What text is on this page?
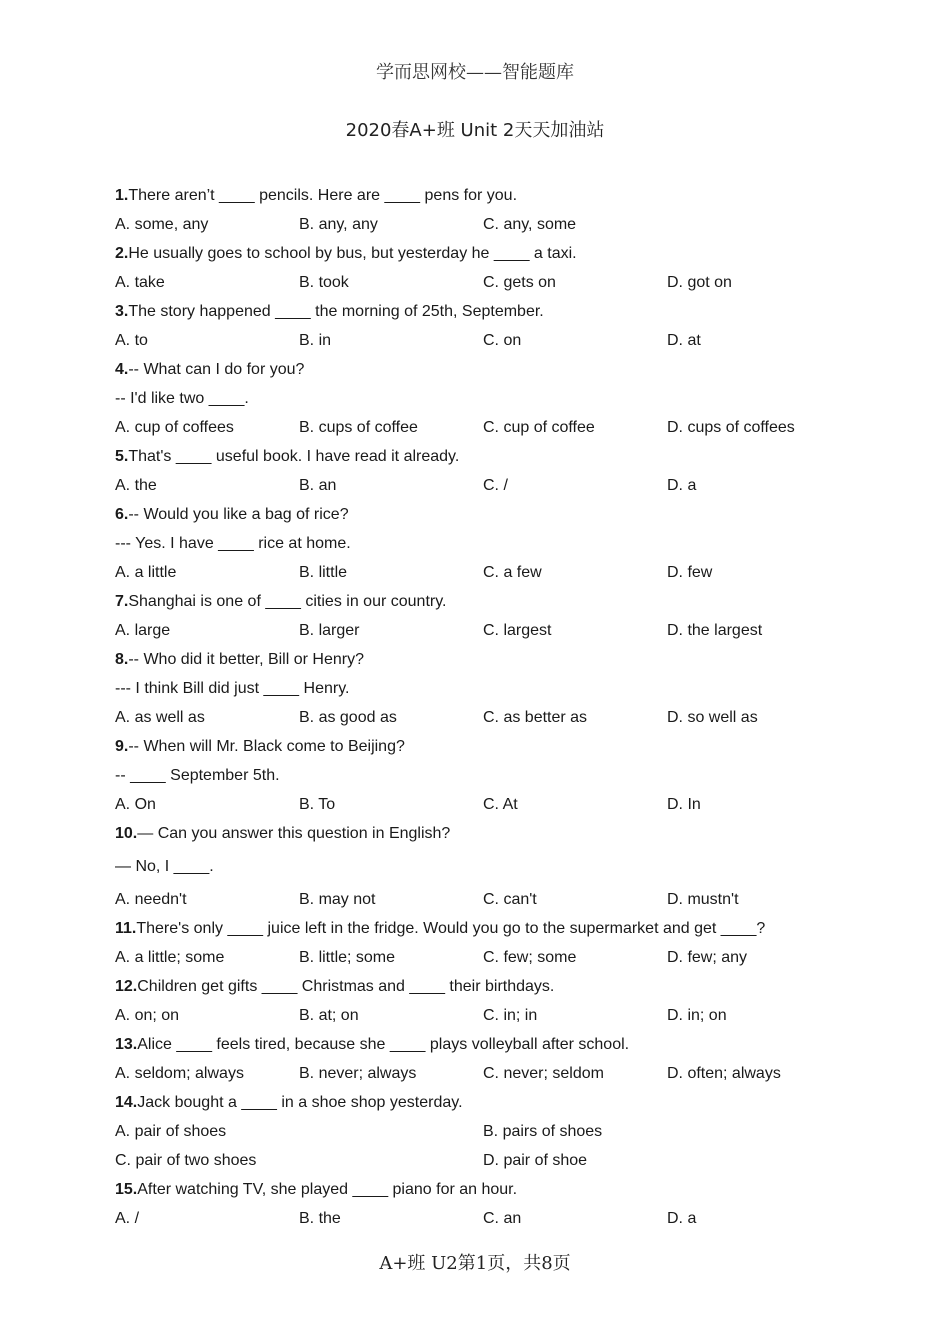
学而思网校——智能题库
2020春A+班 Unit 2天天加油站
1.There aren’t ____ pencils. Here are ____ pens for you.
A. some, any	B. any, any	C. any, some
2.He usually goes to school by bus, but yesterday he ____ a taxi.
A. take	B. took	C. gets on	D. got on
3.The story happened ____ the morning of 25th, September.
A. to	B. in	C. on	D. at
4.-- What can I do for you?
-- I'd like two ____.
A. cup of coffees	B. cups of coffee	C. cup of coffee	D. cups of coffees
5.That's ____ useful book. I have read it already.
A. the	B. an	C. /	D. a
6.-- Would you like a bag of rice?
--- Yes. I have ____ rice at home.
A. a little	B. little	C. a few	D. few
7.Shanghai is one of ____ cities in our country.
A. large	B. larger	C. largest	D. the largest
8.-- Who did it better, Bill or Henry?
--- I think Bill did just ____ Henry.
A. as well as	B. as good as	C. as better as	D. so well as
9.-- When will Mr. Black come to Beijing?
-- ____ September 5th.
A. On	B. To	C. At	D. In
10.— Can you answer this question in English?
— No, I ____.
A. needn't	B. may not	C. can't	D. mustn't
11.There's only ____ juice left in the fridge. Would you go to the supermarket and get ____?
A. a little; some	B. little; some	C. few; some	D. few; any
12.Children get gifts ____ Christmas and ____ their birthdays.
A. on; on	B. at; on	C. in; in	D. in; on
13.Alice ____ feels tired, because she ____ plays volleyball after school.
A. seldom; always	B. never; always	C. never; seldom	D. often; always
14.Jack bought a ____ in a shoe shop yesterday.
A. pair of shoes	B. pairs of shoes
C. pair of two shoes	D. pair of shoe
15.After watching TV, she played ____ piano for an hour.
A. /	B. the	C. an	D. a
A+班 U2第1页，共8页
